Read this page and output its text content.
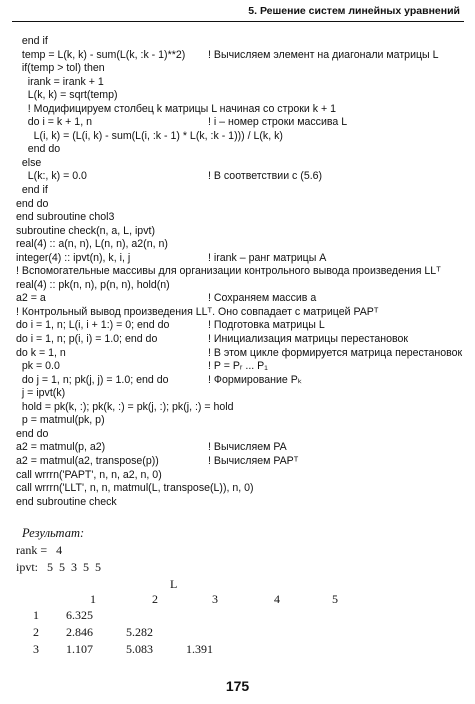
5. Решение систем линейных уравнений
end if
temp = L(k, k) - sum(L(k, :k - 1)**2) ! Вычисляем элемент на диагонали матрицы L
if(temp > tol) then
irank = irank + 1
L(k, k) = sqrt(temp)
! Модифицируем столбец k матрицы L начиная со строки k + 1
do i = k + 1, n	! i – номер строки массива L
L(i, k) = (L(i, k) - sum(L(i, :k - 1) * L(k, :k - 1))) / L(k, k)
end do
else
L(k:, k) = 0.0	! В соответствии с (5.6)
end if
end do
end subroutine chol3
subroutine check(n, a, L, ipvt)
real(4) :: a(n, n), L(n, n), a2(n, n)
integer(4) :: ipvt(n), k, i, j	! irank – ранг матрицы A
! Вспомогательные массивы для организации контрольного вывода произведения LLᵀ
real(4) :: pk(n, n), p(n, n), hold(n)
a2 = a	! Сохраняем массив a
! Контрольный вывод произведения LLᵀ. Оно совпадает с матрицей PAPᵀ
do i = 1, n; L(i, i + 1:) = 0; end do	! Подготовка матрицы L
do i = 1, n; p(i, i) = 1.0; end do	! Инициализация матрицы перестановок
do k = 1, n	! В этом цикле формируется матрица перестановок
pk = 0.0	! P = Pᵣ ... P₁
do j = 1, n; pk(j, j) = 1.0; end do	! Формирование Pₖ
j = ipvt(k)
hold = pk(k, :); pk(k, :) = pk(j, :); pk(j, :) = hold
p = matmul(pk, p)
end do
a2 = matmul(p, a2)	! Вычисляем PA
a2 = matmul(a2, transpose(p))	! Вычисляем PAPᵀ
call wrrrn('PAPT', n, n, a2, n, 0)
call wrrrn('LLT', n, n, matmul(L, transpose(L)), n, 0)
end subroutine check
Результат:
rank =   4
ipvt:   5  5  3  5  5
L
1	2	3	4	5
1 6.325
2 2.846	5.282
3 1.107	5.083	1.391
175
